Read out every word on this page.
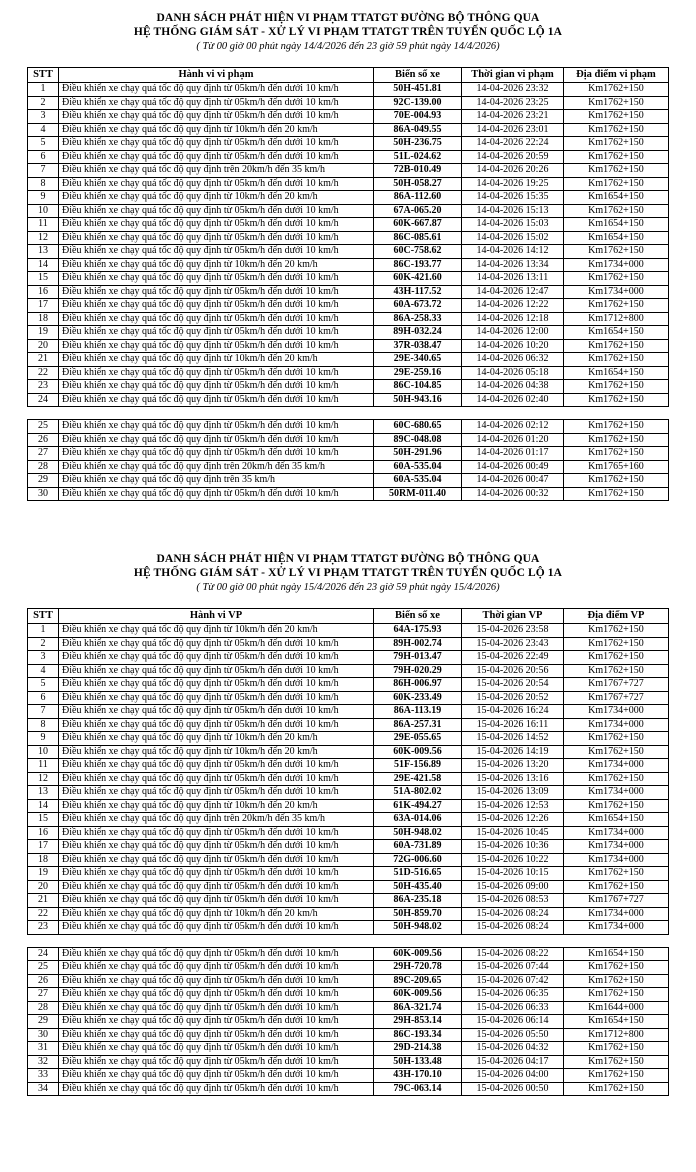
DANH SÁCH PHÁT HIỆN VI PHẠM TTATGT ĐƯỜNG BỘ THÔNG QUA
HỆ THỐNG GIÁM SÁT - XỬ LÝ VI PHẠM TTATGT TRÊN TUYẾN QUỐC LỘ 1A
( Từ 00 giờ 00 phút ngày 14/4/2026 đến 23 giờ 59 phút ngày 14/4/2026)
STT	Hành vi vi phạm	Biển số xe	Thời gian vi phạm	Địa điểm vi phạm
1	Điều khiển xe chạy quá tốc độ quy định từ 05km/h đến dưới 10 km/h	50H-451.81	14-04-2026 23:32	Km1762+150
2	Điều khiển xe chạy quá tốc độ quy định từ 05km/h đến dưới 10 km/h	92C-139.00	14-04-2026 23:25	Km1762+150
3	Điều khiển xe chạy quá tốc độ quy định từ 05km/h đến dưới 10 km/h	70E-004.93	14-04-2026 23:21	Km1762+150
4	Điều khiển xe chạy quá tốc độ quy định từ 10km/h đến 20 km/h	86A-049.55	14-04-2026 23:01	Km1762+150
5	Điều khiển xe chạy quá tốc độ quy định từ 05km/h đến dưới 10 km/h	50H-236.75	14-04-2026 22:24	Km1762+150
6	Điều khiển xe chạy quá tốc độ quy định từ 05km/h đến dưới 10 km/h	51L-024.62	14-04-2026 20:59	Km1762+150
7	Điều khiển xe chạy quá tốc độ quy định trên 20km/h đến 35 km/h	72B-010.49	14-04-2026 20:26	Km1762+150
8	Điều khiển xe chạy quá tốc độ quy định từ 05km/h đến dưới 10 km/h	50H-058.27	14-04-2026 19:25	Km1762+150
9	Điều khiển xe chạy quá tốc độ quy định từ 10km/h đến 20 km/h	86A-112.60	14-04-2026 15:35	Km1654+150
10	Điều khiển xe chạy quá tốc độ quy định từ 05km/h đến dưới 10 km/h	67A-065.20	14-04-2026 15:13	Km1762+150
11	Điều khiển xe chạy quá tốc độ quy định từ 05km/h đến dưới 10 km/h	60K-667.87	14-04-2026 15:03	Km1654+150
12	Điều khiển xe chạy quá tốc độ quy định từ 05km/h đến dưới 10 km/h	86C-085.61	14-04-2026 15:02	Km1654+150
13	Điều khiển xe chạy quá tốc độ quy định từ 05km/h đến dưới 10 km/h	60C-758.62	14-04-2026 14:12	Km1762+150
14	Điều khiển xe chạy quá tốc độ quy định từ 10km/h đến 20 km/h	86C-193.77	14-04-2026 13:34	Km1734+000
15	Điều khiển xe chạy quá tốc độ quy định từ 05km/h đến dưới 10 km/h	60K-421.60	14-04-2026 13:11	Km1762+150
16	Điều khiển xe chạy quá tốc độ quy định từ 05km/h đến dưới 10 km/h	43H-117.52	14-04-2026 12:47	Km1734+000
17	Điều khiển xe chạy quá tốc độ quy định từ 05km/h đến dưới 10 km/h	60A-673.72	14-04-2026 12:22	Km1762+150
18	Điều khiển xe chạy quá tốc độ quy định từ 05km/h đến dưới 10 km/h	86A-258.33	14-04-2026 12:18	Km1712+800
19	Điều khiển xe chạy quá tốc độ quy định từ 05km/h đến dưới 10 km/h	89H-032.24	14-04-2026 12:00	Km1654+150
20	Điều khiển xe chạy quá tốc độ quy định từ 05km/h đến dưới 10 km/h	37R-038.47	14-04-2026 10:20	Km1762+150
21	Điều khiển xe chạy quá tốc độ quy định từ 10km/h đến 20 km/h	29E-340.65	14-04-2026 06:32	Km1762+150
22	Điều khiển xe chạy quá tốc độ quy định từ 05km/h đến dưới 10 km/h	29E-259.16	14-04-2026 05:18	Km1654+150
23	Điều khiển xe chạy quá tốc độ quy định từ 05km/h đến dưới 10 km/h	86C-104.85	14-04-2026 04:38	Km1762+150
24	Điều khiển xe chạy quá tốc độ quy định từ 05km/h đến dưới 10 km/h	50H-943.16	14-04-2026 02:40	Km1762+150
25	Điều khiển xe chạy quá tốc độ quy định từ 05km/h đến dưới 10 km/h	60C-680.65	14-04-2026 02:12	Km1762+150
26	Điều khiển xe chạy quá tốc độ quy định từ 05km/h đến dưới 10 km/h	89C-048.08	14-04-2026 01:20	Km1762+150
27	Điều khiển xe chạy quá tốc độ quy định từ 05km/h đến dưới 10 km/h	50H-291.96	14-04-2026 01:17	Km1762+150
28	Điều khiển xe chạy quá tốc độ quy định trên 20km/h đến 35 km/h	60A-535.04	14-04-2026 00:49	Km1765+160
29	Điều khiển xe chạy quá tốc độ quy định trên 35 km/h	60A-535.04	14-04-2026 00:47	Km1762+150
30	Điều khiển xe chạy quá tốc độ quy định từ 05km/h đến dưới 10 km/h	50RM-011.40	14-04-2026 00:32	Km1762+150
DANH SÁCH PHÁT HIỆN VI PHẠM TTATGT ĐƯỜNG BỘ THÔNG QUA
HỆ THỐNG GIÁM SÁT - XỬ LÝ VI PHẠM TTATGT TRÊN TUYẾN QUỐC LỘ 1A
( Từ 00 giờ 00 phút ngày 15/4/2026 đến 23 giờ 59 phút ngày 15/4/2026)
STT	Hành vi VP	Biển số xe	Thời gian VP	Địa điểm VP
1	Điều khiển xe chạy quá tốc độ quy định từ 10km/h đến 20 km/h	64A-175.93	15-04-2026 23:58	Km1762+150
2	Điều khiển xe chạy quá tốc độ quy định từ 05km/h đến dưới 10 km/h	89H-002.74	15-04-2026 23:43	Km1762+150
3	Điều khiển xe chạy quá tốc độ quy định từ 05km/h đến dưới 10 km/h	79H-013.47	15-04-2026 22:49	Km1762+150
4	Điều khiển xe chạy quá tốc độ quy định từ 05km/h đến dưới 10 km/h	79H-020.29	15-04-2026 20:56	Km1762+150
5	Điều khiển xe chạy quá tốc độ quy định từ 05km/h đến dưới 10 km/h	86H-006.97	15-04-2026 20:54	Km1767+727
6	Điều khiển xe chạy quá tốc độ quy định từ 05km/h đến dưới 10 km/h	60K-233.49	15-04-2026 20:52	Km1767+727
7	Điều khiển xe chạy quá tốc độ quy định từ 05km/h đến dưới 10 km/h	86A-113.19	15-04-2026 16:24	Km1734+000
8	Điều khiển xe chạy quá tốc độ quy định từ 05km/h đến dưới 10 km/h	86A-257.31	15-04-2026 16:11	Km1734+000
9	Điều khiển xe chạy quá tốc độ quy định từ 10km/h đến 20 km/h	29E-055.65	15-04-2026 14:52	Km1762+150
10	Điều khiển xe chạy quá tốc độ quy định từ 10km/h đến 20 km/h	60K-009.56	15-04-2026 14:19	Km1762+150
11	Điều khiển xe chạy quá tốc độ quy định từ 05km/h đến dưới 10 km/h	51F-156.89	15-04-2026 13:20	Km1734+000
12	Điều khiển xe chạy quá tốc độ quy định từ 05km/h đến dưới 10 km/h	29E-421.58	15-04-2026 13:16	Km1762+150
13	Điều khiển xe chạy quá tốc độ quy định từ 05km/h đến dưới 10 km/h	51A-802.02	15-04-2026 13:09	Km1734+000
14	Điều khiển xe chạy quá tốc độ quy định từ 10km/h đến 20 km/h	61K-494.27	15-04-2026 12:53	Km1762+150
15	Điều khiển xe chạy quá tốc độ quy định trên 20km/h đến 35 km/h	63A-014.06	15-04-2026 12:26	Km1654+150
16	Điều khiển xe chạy quá tốc độ quy định từ 05km/h đến dưới 10 km/h	50H-948.02	15-04-2026 10:45	Km1734+000
17	Điều khiển xe chạy quá tốc độ quy định từ 05km/h đến dưới 10 km/h	60A-731.89	15-04-2026 10:36	Km1734+000
18	Điều khiển xe chạy quá tốc độ quy định từ 05km/h đến dưới 10 km/h	72G-006.60	15-04-2026 10:22	Km1734+000
19	Điều khiển xe chạy quá tốc độ quy định từ 05km/h đến dưới 10 km/h	51D-516.65	15-04-2026 10:15	Km1762+150
20	Điều khiển xe chạy quá tốc độ quy định từ 05km/h đến dưới 10 km/h	50H-435.40	15-04-2026 09:00	Km1762+150
21	Điều khiển xe chạy quá tốc độ quy định từ 05km/h đến dưới 10 km/h	86A-235.18	15-04-2026 08:53	Km1767+727
22	Điều khiển xe chạy quá tốc độ quy định từ 10km/h đến 20 km/h	50H-859.70	15-04-2026 08:24	Km1734+000
23	Điều khiển xe chạy quá tốc độ quy định từ 05km/h đến dưới 10 km/h	50H-948.02	15-04-2026 08:24	Km1734+000
24	Điều khiển xe chạy quá tốc độ quy định từ 05km/h đến dưới 10 km/h	60K-009.56	15-04-2026 08:22	Km1654+150
25	Điều khiển xe chạy quá tốc độ quy định từ 05km/h đến dưới 10 km/h	29H-720.78	15-04-2026 07:44	Km1762+150
26	Điều khiển xe chạy quá tốc độ quy định từ 05km/h đến dưới 10 km/h	89C-209.65	15-04-2026 07:42	Km1762+150
27	Điều khiển xe chạy quá tốc độ quy định từ 05km/h đến dưới 10 km/h	60K-009.56	15-04-2026 06:35	Km1762+150
28	Điều khiển xe chạy quá tốc độ quy định từ 05km/h đến dưới 10 km/h	86A-321.74	15-04-2026 06:33	Km1644+000
29	Điều khiển xe chạy quá tốc độ quy định từ 05km/h đến dưới 10 km/h	29H-853.14	15-04-2026 06:14	Km1654+150
30	Điều khiển xe chạy quá tốc độ quy định từ 05km/h đến dưới 10 km/h	86C-193.34	15-04-2026 05:50	Km1712+800
31	Điều khiển xe chạy quá tốc độ quy định từ 05km/h đến dưới 10 km/h	29D-214.38	15-04-2026 04:32	Km1762+150
32	Điều khiển xe chạy quá tốc độ quy định từ 05km/h đến dưới 10 km/h	50H-133.48	15-04-2026 04:17	Km1762+150
33	Điều khiển xe chạy quá tốc độ quy định từ 05km/h đến dưới 10 km/h	43H-170.10	15-04-2026 04:00	Km1762+150
34	Điều khiển xe chạy quá tốc độ quy định từ 05km/h đến dưới 10 km/h	79C-063.14	15-04-2026 00:50	Km1762+150
